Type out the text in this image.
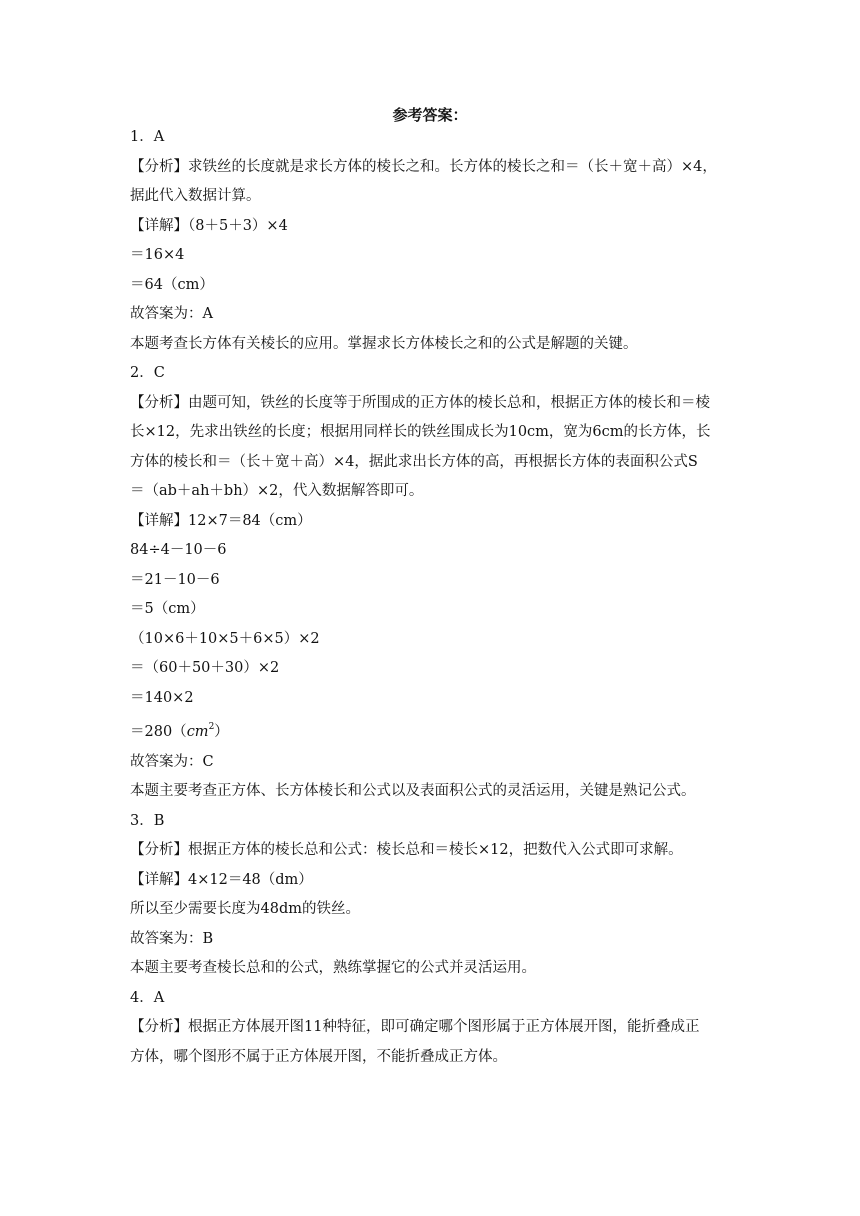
参考答案：
1．A
【分析】求铁丝的长度就是求长方体的棱长之和。长方体的棱长之和＝（长＋宽＋高）×4，
据此代入数据计算。
【详解】（8＋5＋3）×4
＝16×4
＝64（cm）
故答案为：A
本题考查长方体有关棱长的应用。掌握求长方体棱长之和的公式是解题的关键。
2．C
【分析】由题可知，铁丝的长度等于所围成的正方体的棱长总和，根据正方体的棱长和＝棱
长×12，先求出铁丝的长度；根据用同样长的铁丝围成长为10cm，宽为6cm的长方体，长
方体的棱长和＝（长＋宽＋高）×4，据此求出长方体的高，再根据长方体的表面积公式S
＝（ab＋ah＋bh）×2，代入数据解答即可。
【详解】12×7＝84（cm）
84÷4－10－6
＝21－10－6
＝5（cm）
（10×6＋10×5＋6×5）×2
＝（60＋50＋30）×2
＝140×2
$=280(cm^2)$
故答案为：C
本题主要考查正方体、长方体棱长和公式以及表面积公式的灵活运用，关键是熟记公式。
3．B
【分析】根据正方体的棱长总和公式：棱长总和＝棱长×12，把数代入公式即可求解。
【详解】4×12＝48（dm）
所以至少需要长度为48dm的铁丝。
故答案为：B
本题主要考查棱长总和的公式，熟练掌握它的公式并灵活运用。
4．A
【分析】根据正方体展开图11种特征，即可确定哪个图形属于正方体展开图，能折叠成正
方体，哪个图形不属于正方体展开图，不能折叠成正方体。
